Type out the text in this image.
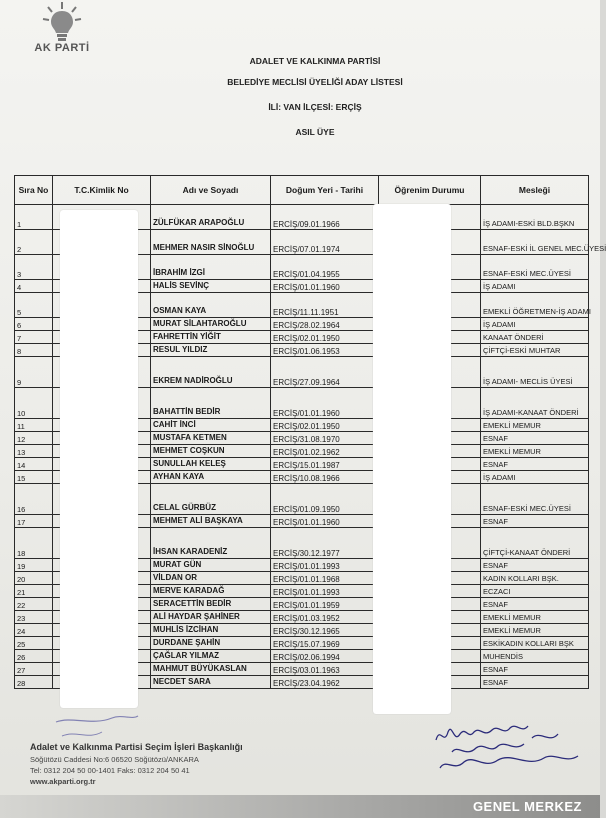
AK PARTİ
ADALET VE KALKINMA PARTİSİ
BELEDİYE MECLİSİ ÜYELİĞİ ADAY LİSTESİ
İLİ: VAN İLÇESİ: ERÇİŞ
ASIL ÜYE
Sıra No	T.C.Kimlik No	Adı ve Soyadı	Doğum Yeri - Tarihi	Öğrenim Durumu	Mesleği
1		ZÜLFÜKAR ARAPOĞLU	ERCİŞ/09.01.1966		İŞ ADAMI-ESKİ BLD.BŞKN
2		MEHMER NASIR SİNOĞLU	ERCİŞ/07.01.1974		ESNAF-ESKİ İL GENEL MEC.ÜYESİ
3		İBRAHİM İZGİ	ERCİŞ/01.04.1955		ESNAF-ESKİ MEC.ÜYESİ
4		HALİS SEVİNÇ	ERCİŞ/01.01.1960		İŞ ADAMI
5		OSMAN KAYA	ERCİŞ/11.11.1951		EMEKLİ ÖĞRETMEN-İŞ ADAMI
6		MURAT SİLAHTAROĞLU	ERCİŞ/28.02.1964		İŞ ADAMI
7		FAHRETTİN YİĞİT	ERCİŞ/02.01.1950		KANAAT ÖNDERİ
8		RESUL YILDIZ	ERCİŞ/01.06.1953		ÇİFTÇİ-ESKİ MUHTAR
9		EKREM NADİROĞLU	ERCİŞ/27.09.1964		İŞ ADAMI- MECLİS ÜYESİ
10		BAHATTİN BEDİR	ERCİŞ/01.01.1960		İŞ ADAMI-KANAAT ÖNDERİ
11		CAHİT İNCİ	ERCİŞ/02.01.1950		EMEKLİ MEMUR
12		MUSTAFA KETMEN	ERCİŞ/31.08.1970		ESNAF
13		MEHMET COŞKUN	ERCİŞ/01.02.1962		EMEKLİ MEMUR
14		SUNULLAH KELEŞ	ERCİŞ/15.01.1987		ESNAF
15		AYHAN KAYA	ERCİŞ/10.08.1966		İŞ ADAMI
16		CELAL GÜRBÜZ	ERCİŞ/01.09.1950		ESNAF-ESKİ MEC.ÜYESİ
17		MEHMET ALİ BAŞKAYA	ERCİŞ/01.01.1960		ESNAF
18		İHSAN KARADENİZ	ERCİŞ/30.12.1977		ÇİFTÇİ-KANAAT ÖNDERİ
19		MURAT GÜN	ERCİŞ/01.01.1993		ESNAF
20		VİLDAN OR	ERCİŞ/01.01.1968		KADIN KOLLARI BŞK.
21		MERVE KARADAĞ	ERCİŞ/01.01.1993		ECZACI
22		SERACETTİN BEDİR	ERCİŞ/01.01.1959		ESNAF
23		ALİ HAYDAR ŞAHİNER	ERCİŞ/01.03.1952		EMEKLİ MEMUR
24		MUHLİS İZCİHAN	ERCİŞ/30.12.1965		EMEKLİ MEMUR
25		DURDANE ŞAHİN	ERCİŞ/15.07.1969		ESKİKADIN KOLLARI BŞK
26		ÇAĞLAR YILMAZ	ERCİŞ/02.06.1994		MUHENDİS
27		MAHMUT BÜYÜKASLAN	ERCİŞ/03.01.1963		ESNAF
28		NECDET SARA	ERCİŞ/23.04.1962		ESNAF
Adalet ve Kalkınma Partisi Seçim İşleri Başkanlığı
Söğütözü Caddesi No:6 06520 Söğütözü/ANKARA
Tel: 0312 204 50 00-1401 Faks: 0312 204 50 41
www.akparti.org.tr
GENEL MERKEZ
